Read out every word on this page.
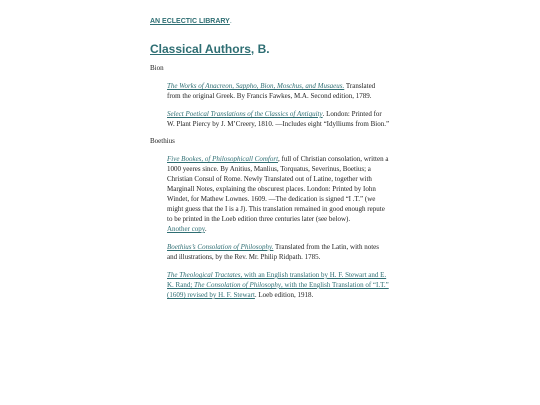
AN ECLECTIC LIBRARY.
Classical Authors, B.
Bion

The Works of Anacreon, Sappho, Bion, Moschus, and Musaeus. Translated from the original Greek. By Francis Fawkes, M.A. Second edition, 1789.

Select Poetical Translations of the Classics of Antiquity. London: Printed for W. Plant Piercy by J. M’Creery, 1810. —Includes eight “Idylliums from Bion.”

Boethius

Five Bookes, of Philosophicall Comfort, full of Christian consolation, written a 1000 yeeres since. By Anitius, Manlius, Torquatus, Severinus, Boetius; a Christian Consul of Rome. Newly Translated out of Latine, together with Marginall Notes, explaining the obscurest places. London: Printed by Iohn Windet, for Mathew Lownes. 1609. —The dedication is signed “I .T.” (we might guess that the I is a J). This translation remained in good enough repute to be printed in the Loeb edition three centuries later (see below).
Another copy.

Boethius’s Consolation of Philosophy. Translated from the Latin, with notes and illustrations, by the Rev. Mr. Philip Ridpath. 1785.

The Theological Tractates, with an English translation by H. F. Stewart and E. K. Rand; The Consolation of Philosophy, with the English Translation of “I.T.” (1609) revised by H. F. Stewart. Loeb edition, 1918.
